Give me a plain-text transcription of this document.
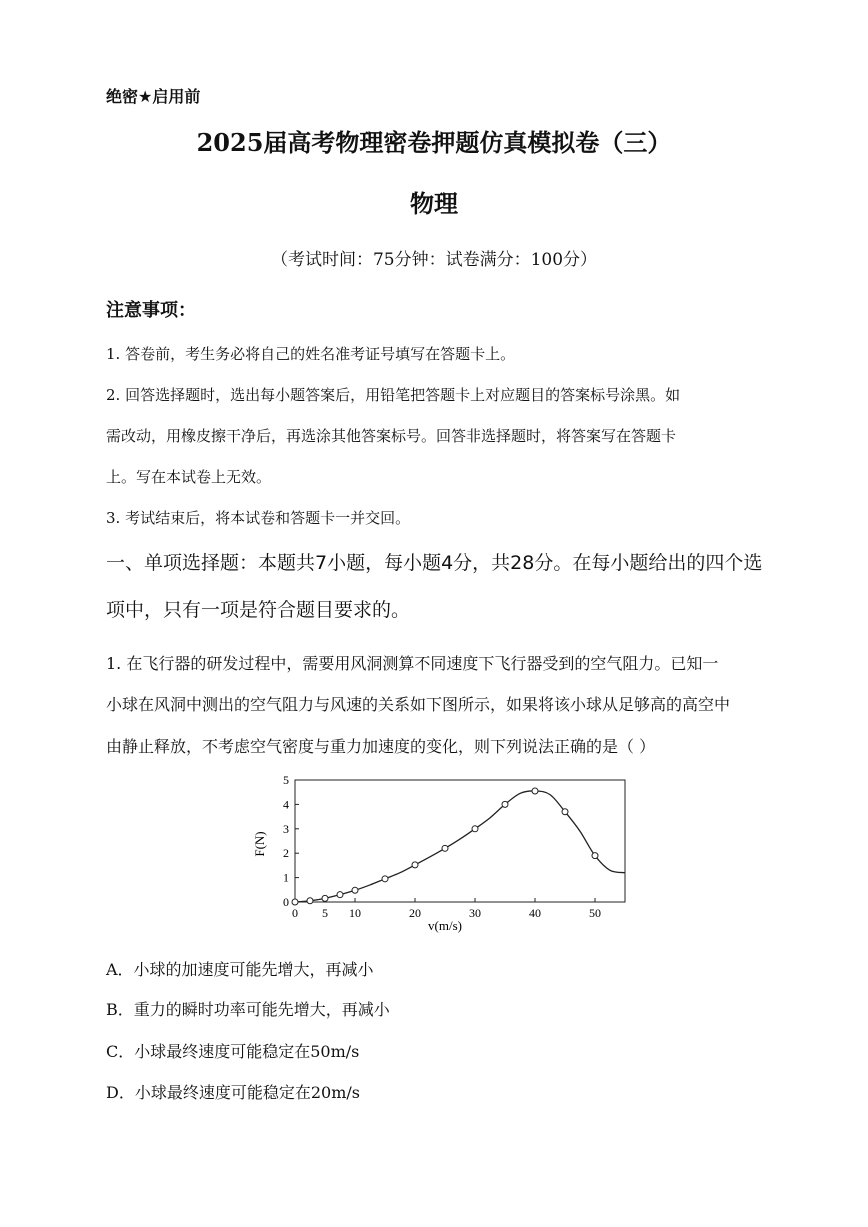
绝密★启用前
2025届高考物理密卷押题仿真模拟卷（三）
物理
（考试时间：75分钟：试卷满分：100分）
注意事项：
1. 答卷前，考生务必将自己的姓名准考证号填写在答题卡上。
2. 回答选择题时，选出每小题答案后，用铅笔把答题卡上对应题目的答案标号涂黑。如
需改动，用橡皮擦干净后，再选涂其他答案标号。回答非选择题时，将答案写在答题卡
上。写在本试卷上无效。
3. 考试结束后，将本试卷和答题卡一并交回。
一、单项选择题：本题共7小题，每小题4分，共28分。在每小题给出的四个选
项中，只有一项是符合题目要求的。
1. 在飞行器的研发过程中，需要用风洞测算不同速度下飞行器受到的空气阻力。已知一
小球在风洞中测出的空气阻力与风速的关系如下图所示，如果将该小球从足够高的高空中
由静止释放，不考虑空气密度与重力加速度的变化，则下列说法正确的是（ ）
0
1
2
3
4
5
0 5 10	20	30	40	50
F(N)
v(m/s)
A．小球的加速度可能先增大，再减小
B．重力的瞬时功率可能先增大，再减小
C．小球最终速度可能稳定在50m/s
D．小球最终速度可能稳定在20m/s
